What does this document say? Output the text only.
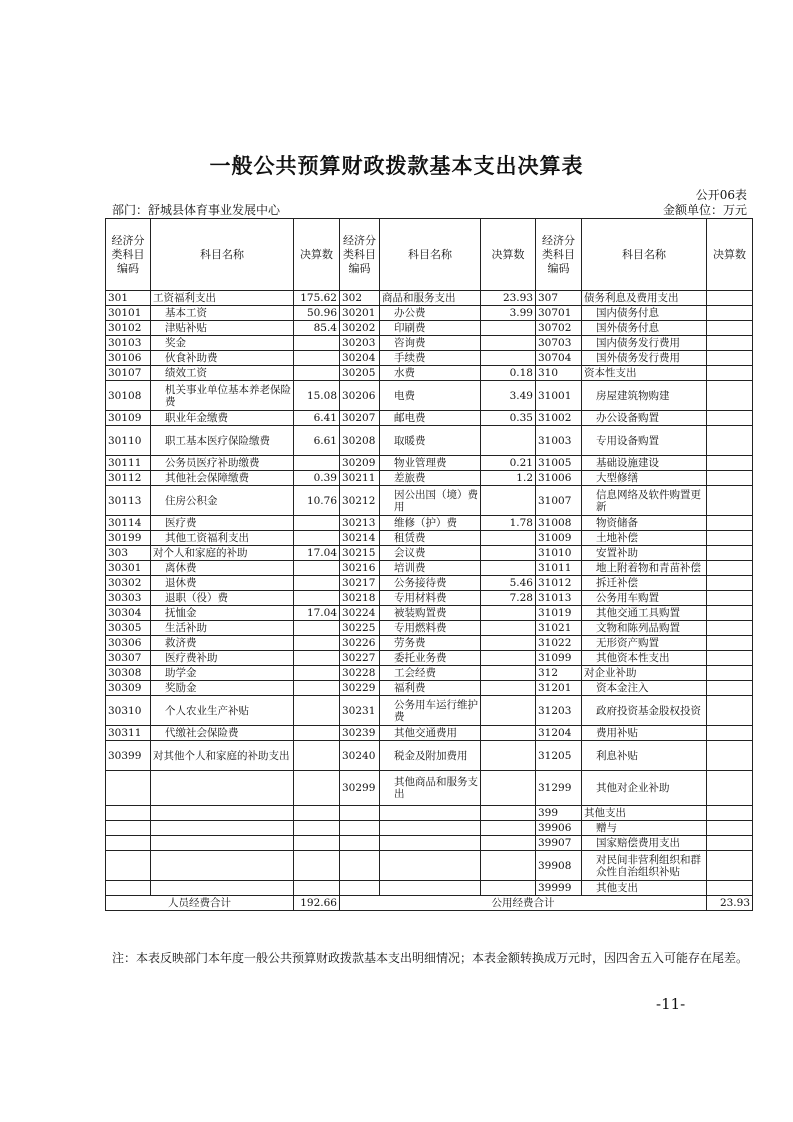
一般公共预算财政拨款基本支出决算表
公开06表
部门：舒城县体育事业发展中心	金额单位：万元
经济分类科目编码	科目名称	决算数	经济分类科目编码	科目名称	决算数	经济分类科目编码	科目名称	决算数
301	工资福利支出	175.62	302	商品和服务支出	23.93	307	债务利息及费用支出	
30101	基本工资	50.96	30201	办公费	3.99	30701	国内债务付息	
30102	津贴补贴	85.4	30202	印刷费		30702	国外债务付息	
30103	奖金		30203	咨询费		30703	国内债务发行费用	
30106	伙食补助费		30204	手续费		30704	国外债务发行费用	
30107	绩效工资		30205	水费	0.18	310	资本性支出	
30108	机关事业单位基本养老保险费	15.08	30206	电费	3.49	31001	房屋建筑物购建	
30109	职业年金缴费	6.41	30207	邮电费	0.35	31002	办公设备购置	
30110	职工基本医疗保险缴费	6.61	30208	取暖费		31003	专用设备购置	
30111	公务员医疗补助缴费		30209	物业管理费	0.21	31005	基础设施建设	
30112	其他社会保障缴费	0.39	30211	差旅费	1.2	31006	大型修缮	
30113	住房公积金	10.76	30212	因公出国（境）费用		31007	信息网络及软件购置更新	
30114	医疗费		30213	维修（护）费	1.78	31008	物资储备	
30199	其他工资福利支出		30214	租赁费		31009	土地补偿	
303	对个人和家庭的补助	17.04	30215	会议费		31010	安置补助	
30301	离休费		30216	培训费		31011	地上附着物和青苗补偿	
30302	退休费		30217	公务接待费	5.46	31012	拆迁补偿	
30303	退职（役）费		30218	专用材料费	7.28	31013	公务用车购置	
30304	抚恤金	17.04	30224	被装购置费		31019	其他交通工具购置	
30305	生活补助		30225	专用燃料费		31021	文物和陈列品购置	
30306	救济费		30226	劳务费		31022	无形资产购置	
30307	医疗费补助		30227	委托业务费		31099	其他资本性支出	
30308	助学金		30228	工会经费		312	对企业补助	
30309	奖励金		30229	福利费		31201	资本金注入	
30310	个人农业生产补贴		30231	公务用车运行维护费		31203	政府投资基金股权投资	
30311	代缴社会保险费		30239	其他交通费用		31204	费用补贴	
30399	对其他个人和家庭的补助支出		30240	税金及附加费用		31205	利息补贴	
			30299	其他商品和服务支出		31299	其他对企业补助	
						399	其他支出	
						39906	赠与	
						39907	国家赔偿费用支出	
						39908	对民间非营利组织和群众性自治组织补贴	
						39999	其他支出	
人员经费合计		192.66	公用经费合计					23.93
注：本表反映部门本年度一般公共预算财政拨款基本支出明细情况；本表金额转换成万元时，因四舍五入可能存在尾差。
-11-
